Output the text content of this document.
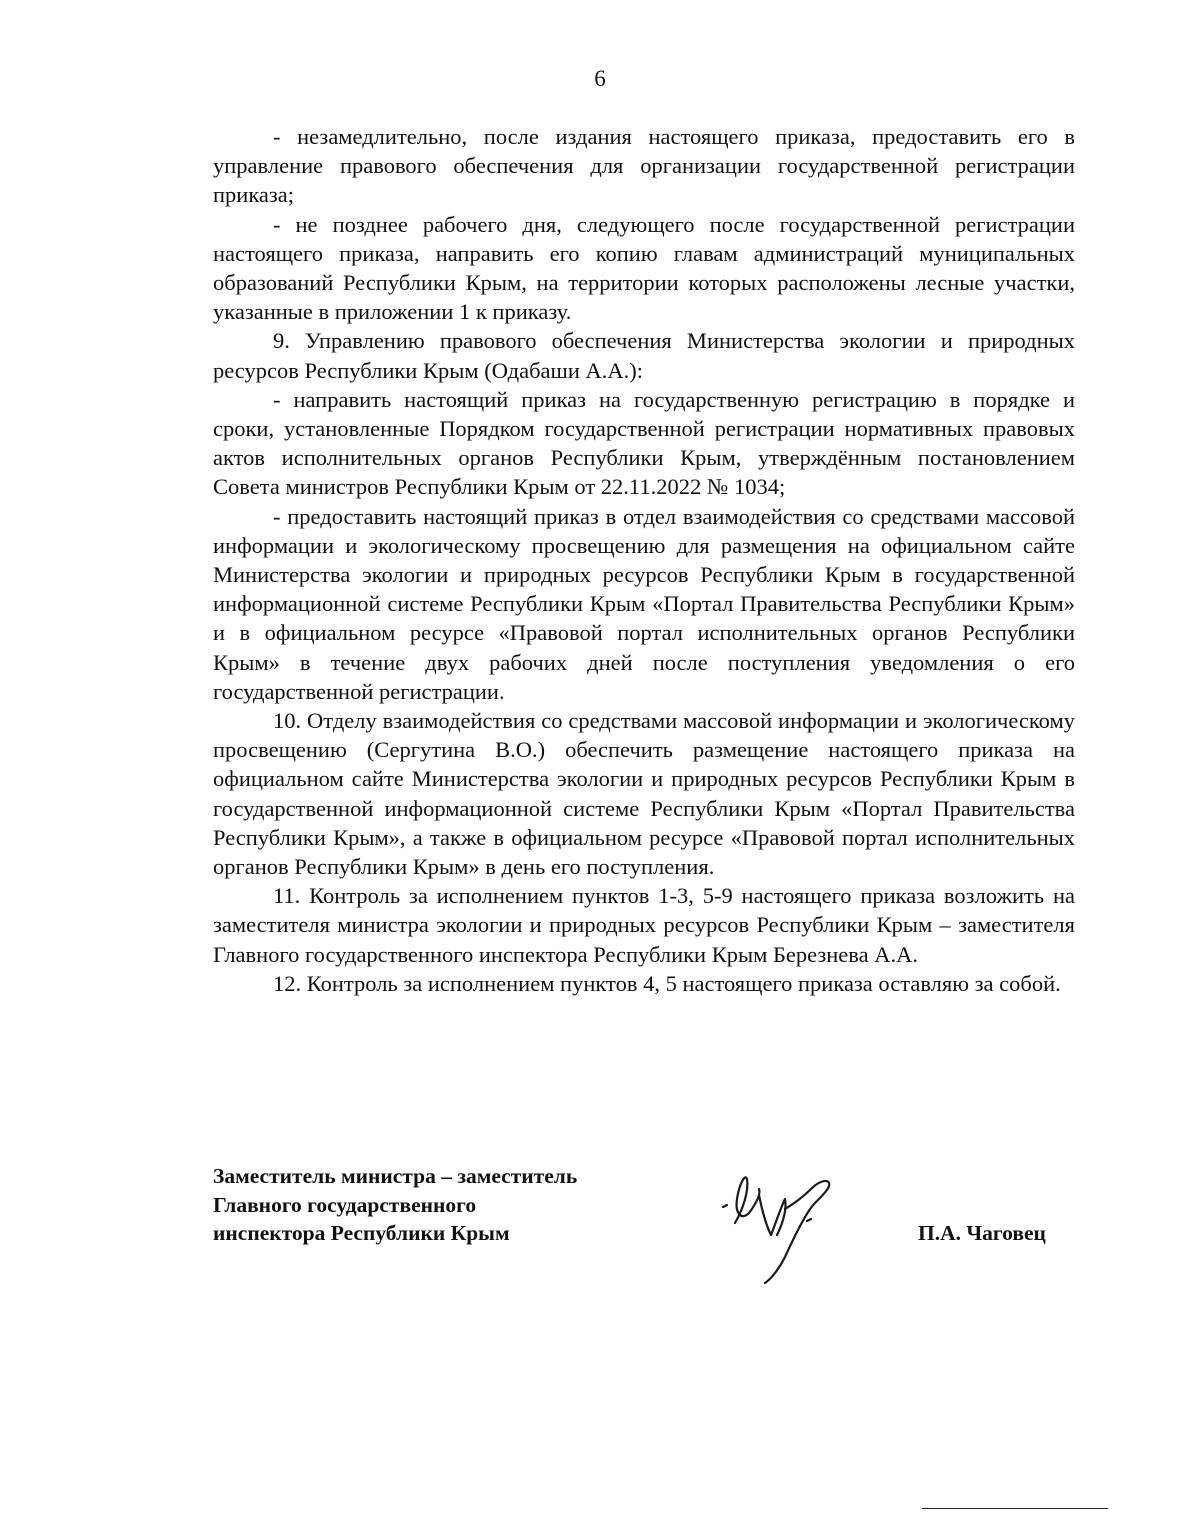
6

- незамедлительно, после издания настоящего приказа, предоставить его в управление правового обеспечения для организации государственной регистрации приказа;

- не позднее рабочего дня, следующего после государственной регистрации настоящего приказа, направить его копию главам администраций муниципальных образований Республики Крым, на территории которых расположены лесные участки, указанные в приложении 1 к приказу.

9. Управлению правового обеспечения Министерства экологии и природных ресурсов Республики Крым (Одабаши А.А.):

- направить настоящий приказ на государственную регистрацию в порядке и сроки, установленные Порядком государственной регистрации нормативных правовых актов исполнительных органов Республики Крым, утверждённым постановлением Совета министров Республики Крым от 22.11.2022 № 1034;

- предоставить настоящий приказ в отдел взаимодействия со средствами массовой информации и экологическому просвещению для размещения на официальном сайте Министерства экологии и природных ресурсов Республики Крым в государственной информационной системе Республики Крым «Портал Правительства Республики Крым» и в официальном ресурсе «Правовой портал исполнительных органов Республики Крым» в течение двух рабочих дней после поступления уведомления о его государственной регистрации.

10. Отделу взаимодействия со средствами массовой информации и экологическому просвещению (Сергутина В.О.) обеспечить размещение настоящего приказа на официальном сайте Министерства экологии и природных ресурсов Республики Крым в государственной информационной системе Республики Крым «Портал Правительства Республики Крым», а также в официальном ресурсе «Правовой портал исполнительных органов Республики Крым» в день его поступления.

11. Контроль за исполнением пунктов 1-3, 5-9 настоящего приказа возложить на заместителя министра экологии и природных ресурсов Республики Крым – заместителя Главного государственного инспектора Республики Крым Березнева А.А.

12. Контроль за исполнением пунктов 4, 5 настоящего приказа оставляю за собой.

Заместитель министра – заместитель
Главного государственного
инспектора Республики Крым	П.А. Чаговец
